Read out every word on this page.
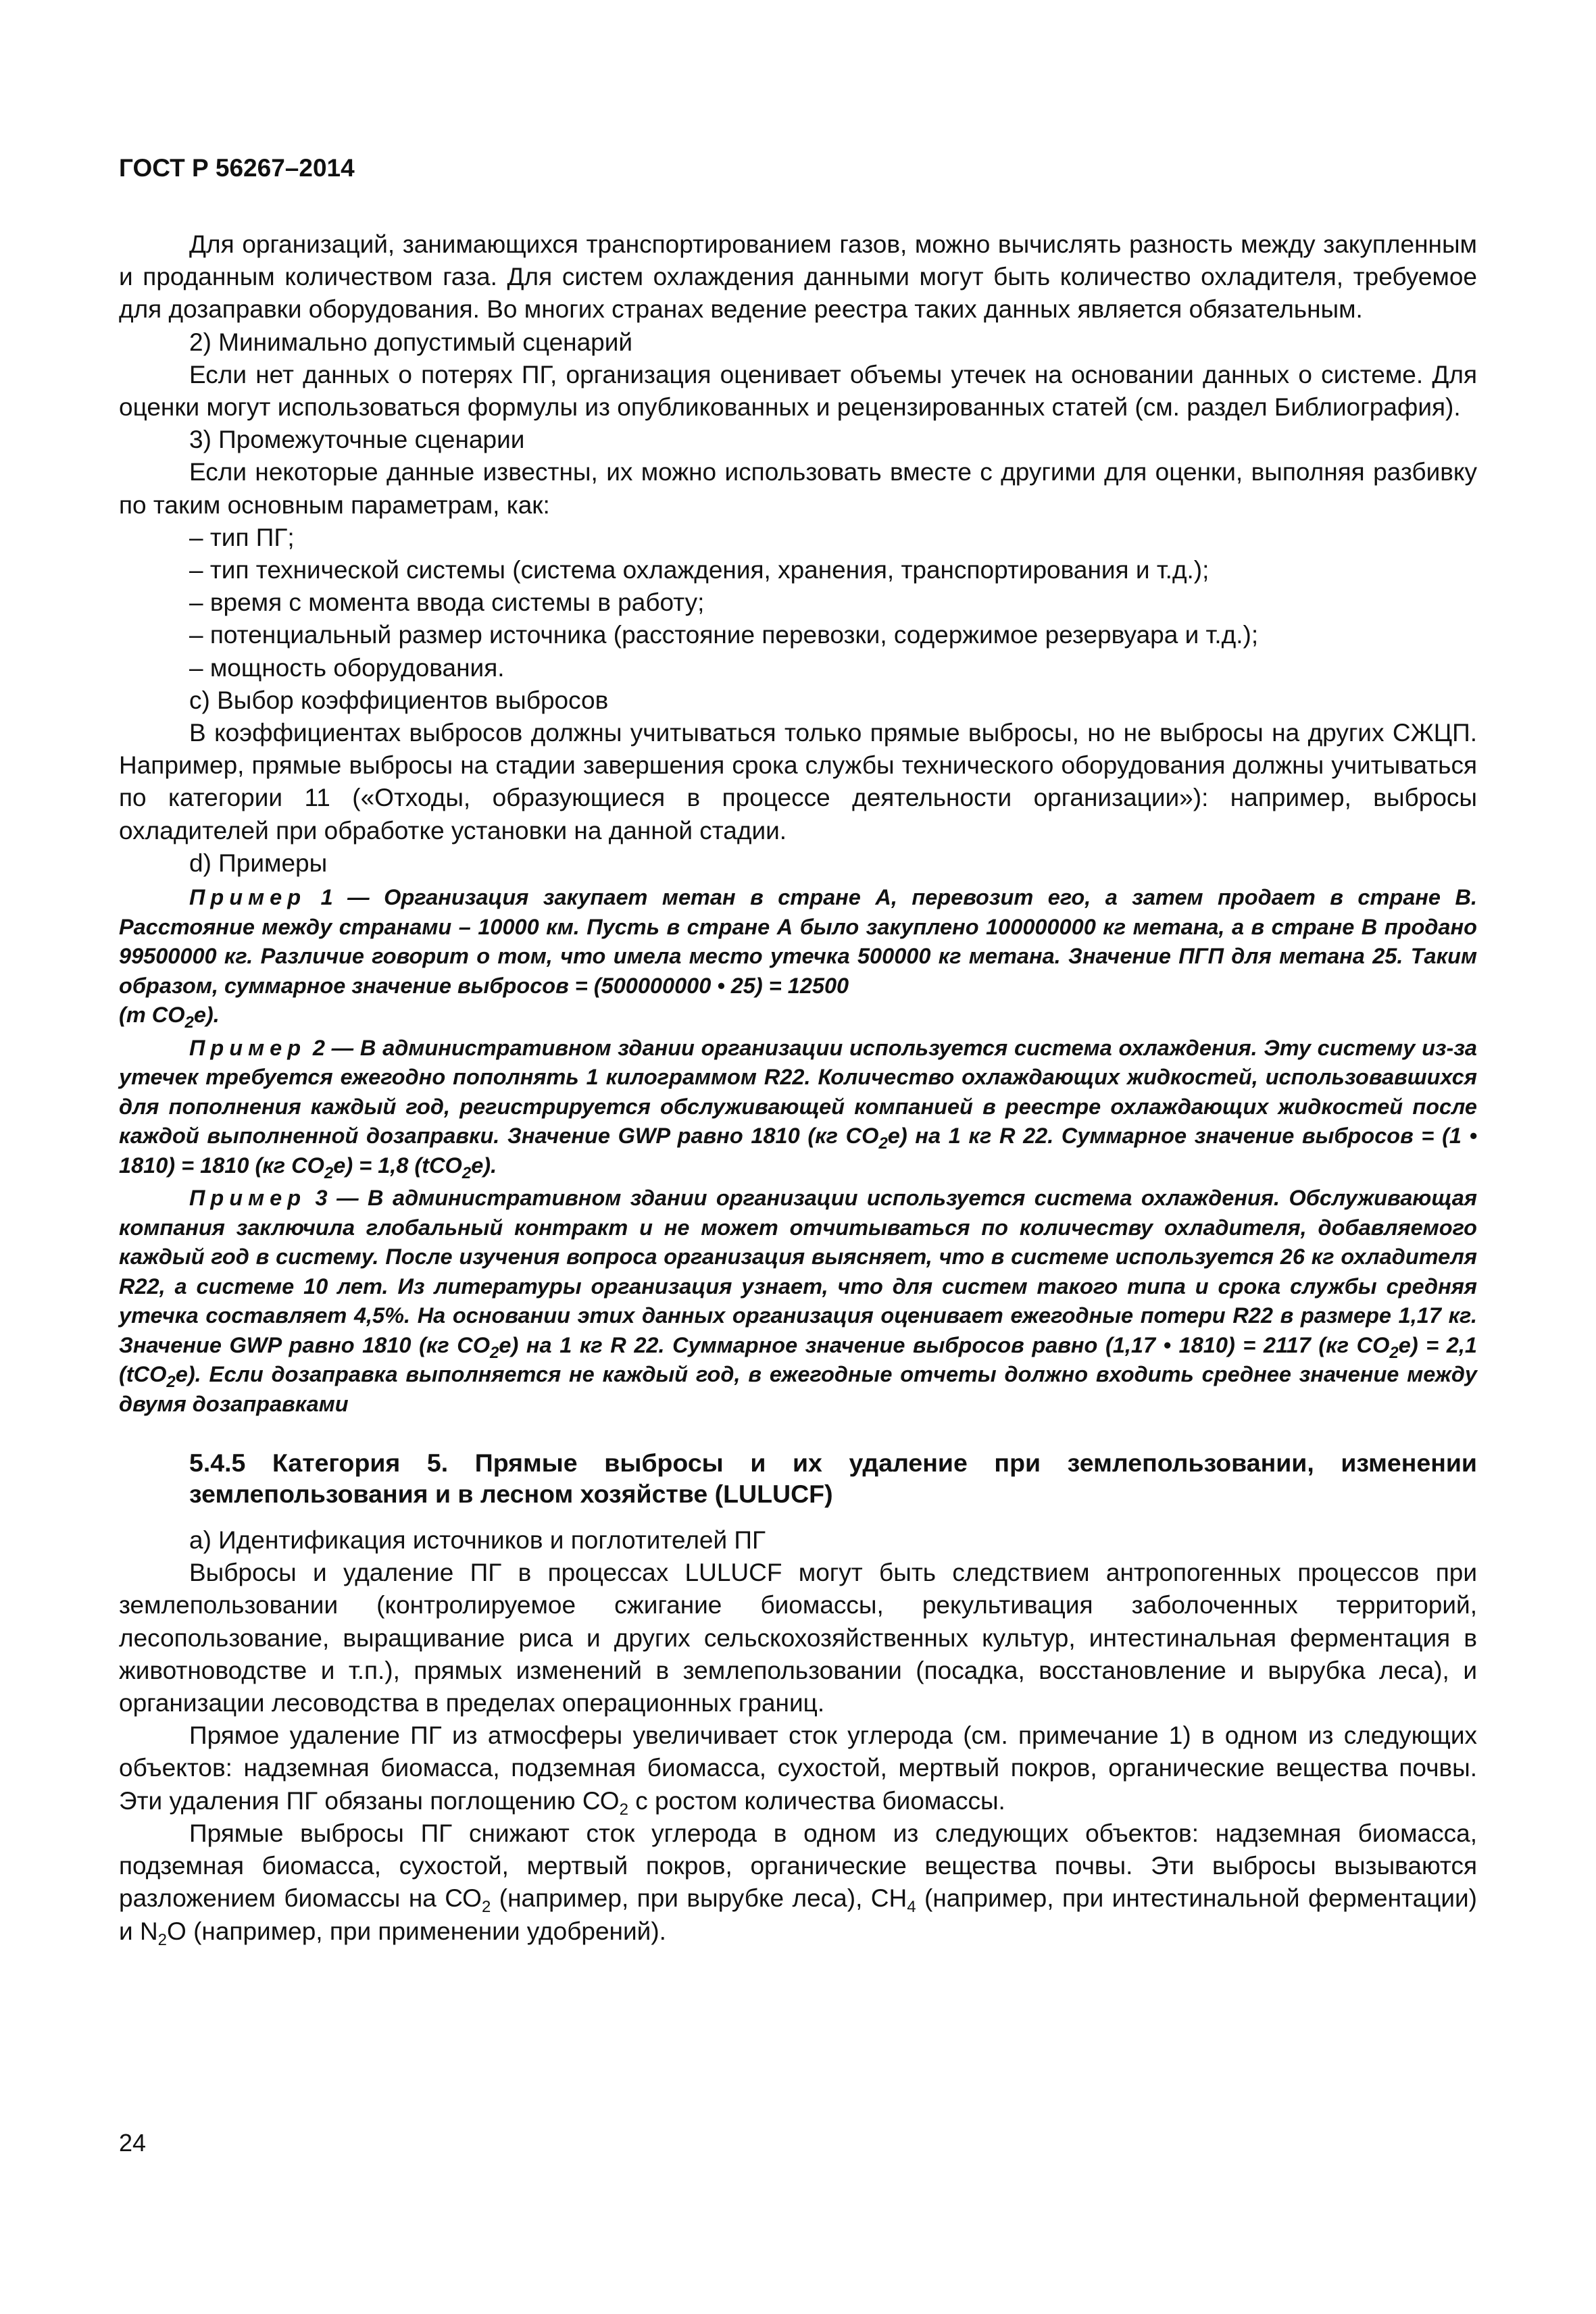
ГОСТ Р 56267–2014

Для организаций, занимающихся транспортированием газов, можно вычислять разность между закупленным и проданным количеством газа. Для систем охлаждения данными могут быть количество охладителя, требуемое для дозаправки оборудования. Во многих странах ведение реестра таких данных является обязательным.

2) Минимально допустимый сценарий

Если нет данных о потерях ПГ, организация оценивает объемы утечек на основании данных о системе. Для оценки могут использоваться формулы из опубликованных и рецензированных статей (см. раздел Библиография).

3) Промежуточные сценарии

Если некоторые данные известны, их можно использовать вместе с другими для оценки, выполняя разбивку по таким основным параметрам, как:

– тип ПГ;

– тип технической системы (система охлаждения, хранения, транспортирования и т.д.);

– время с момента ввода системы в работу;

– потенциальный размер источника (расстояние перевозки, содержимое резервуара и т.д.);

– мощность оборудования.

с) Выбор коэффициентов выбросов

В коэффициентах выбросов должны учитываться только прямые выбросы, но не выбросы на других СЖЦП. Например, прямые выбросы на стадии завершения срока службы технического оборудования должны учитываться по категории 11 («Отходы, образующиеся в процессе деятельности организации»): например, выбросы охладителей при обработке установки на данной стадии.

d) Примеры

Пример 1 — Организация закупает метан в стране А, перевозит его, а затем продает в стране В. Расстояние между странами – 10000 км. Пусть в стране А было закуплено 100000000 кг метана, а в стране В продано 99500000 кг. Различие говорит о том, что имела место утечка 500000 кг метана. Значение ПГП для метана 25. Таким образом, суммарное значение выбросов = (500000000 • 25) = 12500
(т $СО_2е$).

Пример 2 — В административном здании организации используется система охлаждения. Эту систему из-за утечек требуется ежегодно пополнять 1 килограммом R22. Количество охлаждающих жидкостей, использовавшихся для пополнения каждый год, регистрируется обслуживающей компанией в реестре охлаждающих жидкостей после каждой выполненной дозаправки. Значение GWP равно 1810 (кг $СО_2е$) на 1 кг R 22. Суммарное значение выбросов = (1 • 1810) = 1810 (кг $СО_2е) = 1,8$ (tCO$_2$е).

Пример 3 — В административном здании организации используется система охлаждения. Обслуживающая компания заключила глобальный контракт и не может отчитываться по количеству охладителя, добавляемого каждый год в систему. После изучения вопроса организация выясняет, что в системе используется 26 кг охладителя R22, а системе 10 лет. Из литературы организация узнает, что для систем такого типа и срока службы средняя утечка составляет 4,5%. На основании этих данных организация оценивает ежегодные потери R22 в размере 1,17 кг. Значение GWP равно 1810 (кг $СО_2е$) на 1 кг R 22. Суммарное значение выбросов равно (1,17 • 1810) = 2117 (кг $СО_2е) = 2,1$ (tCO$_2$е). Если дозаправка выполняется не каждый год, в ежегодные отчеты должно входить среднее значение между двумя дозаправками

5.4.5 Категория 5. Прямые выбросы и их удаление при землепользовании, изменении землепользования и в лесном хозяйстве (LULUCF)

а) Идентификация источников и поглотителей ПГ

Выбросы и удаление ПГ в процессах LULUCF могут быть следствием антропогенных процессов при землепользовании (контролируемое сжигание биомассы, рекультивация заболоченных территорий, лесопользование, выращивание риса и других сельскохозяйственных культур, интестинальная ферментация в животноводстве и т.п.), прямых изменений в землепользовании (посадка, восстановление и вырубка леса), и организации лесоводства в пределах операционных границ.

Прямое удаление ПГ из атмосферы увеличивает сток углерода (см. примечание 1) в одном из следующих объектов: надземная биомасса, подземная биомасса, сухостой, мертвый покров, органические вещества почвы. Эти удаления ПГ обязаны поглощению $СО_2$ с ростом количества биомассы.

Прямые выбросы ПГ снижают сток углерода в одном из следующих объектов: надземная биомасса, подземная биомасса, сухостой, мертвый покров, органические вещества почвы. Эти выбросы вызываются разложением биомассы на $СО_2$ (например, при вырубке леса), $СН_4$ (например, при интестинальной ферментации) и $N_2O$ (например, при применении удобрений).

24
